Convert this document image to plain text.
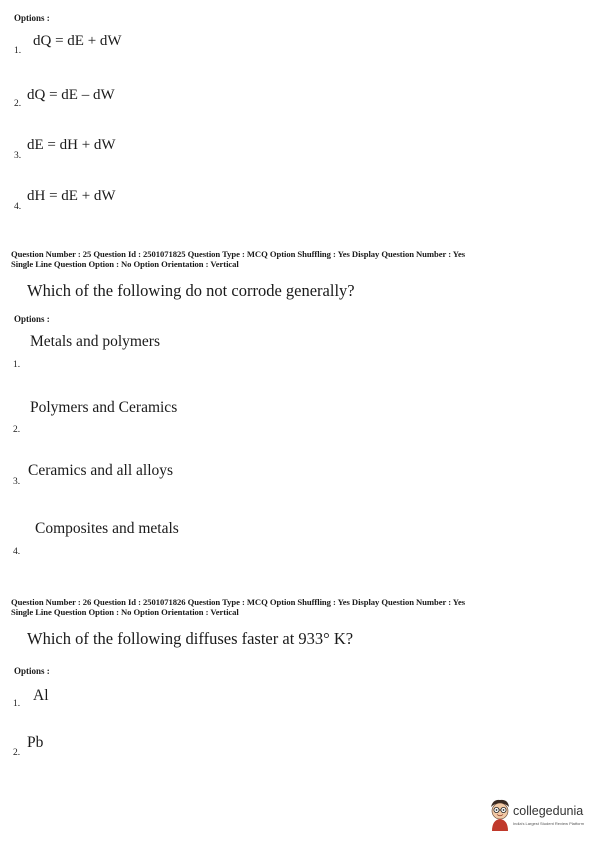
Options :
dQ = dE + dW
1.
dQ = dE – dW
2.
dE = dH + dW
3.
dH = dE + dW
4.
Question Number : 25 Question Id : 2501071825 Question Type : MCQ Option Shuffling : Yes Display Question Number : Yes
Single Line Question Option : No Option Orientation : Vertical
Which of the following do not corrode generally?
Options :
Metals and polymers
1.
Polymers and Ceramics
2.
Ceramics and all alloys
3.
Composites and metals
4.
Question Number : 26 Question Id : 2501071826 Question Type : MCQ Option Shuffling : Yes Display Question Number : Yes
Single Line Question Option : No Option Orientation : Vertical
Which of the following diffuses faster at 933° K?
Options :
Al
1.
Pb
2.
collegedunia
India's Largest Student Review Platform
